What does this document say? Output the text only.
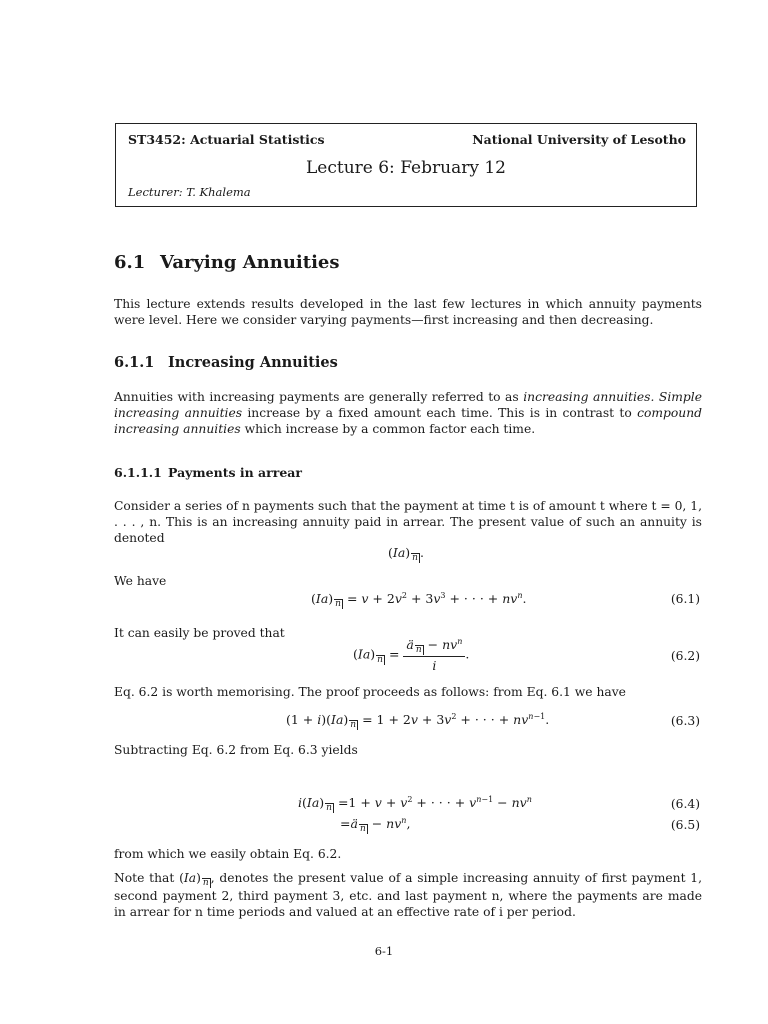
ST3452: Actuarial Statistics	National University of Lesotho
Lecture 6: February 12
Lecturer: T. Khalema
6.1 Varying Annuities
This lecture extends results developed in the last few lectures in which annuity payments were level. Here we consider varying payments—first increasing and then decreasing.
6.1.1 Increasing Annuities
Annuities with increasing payments are generally referred to as increasing annuities. Simple increasing annuities increase by a fixed amount each time. This is in contrast to compound increasing annuities which increase by a common factor each time.
6.1.1.1 Payments in arrear
Consider a series of n payments such that the payment at time t is of amount t where t = 0, 1, . . . , n. This is an increasing annuity paid in arrear. The present value of such an annuity is denoted
(Ia) n .
We have
(Ia) $n = v + 2v^2 + 3v^3$ + · · · + $nv^n$.	(6.1)
It can easily be proved that
(Ia) $n = \frac{ä n - nv^n}{i}$ .	(6.2)
Eq. 6.2 is worth memorising. The proof proceeds as follows: from Eq. 6.1 we have
(1 + i)(Ia) $n = 1 + 2v + 3v^2$ + · · · + $nv^{n-1}$.	(6.3)
Subtracting Eq. 6.2 from Eq. 6.3 yields
i(Ia) $n =1 + v + v^2$ + · · · + $v^{n-1} - nv^n$	(6.4)
=ä $n - nv^n$,	(6.5)
from which we easily obtain Eq. 6.2.
Note that (Ia) n , denotes the present value of a simple increasing annuity of first payment 1, second payment 2, third payment 3, etc. and last payment n, where the payments are made in arrear for n time periods and valued at an effective rate of i per period.
6-1
